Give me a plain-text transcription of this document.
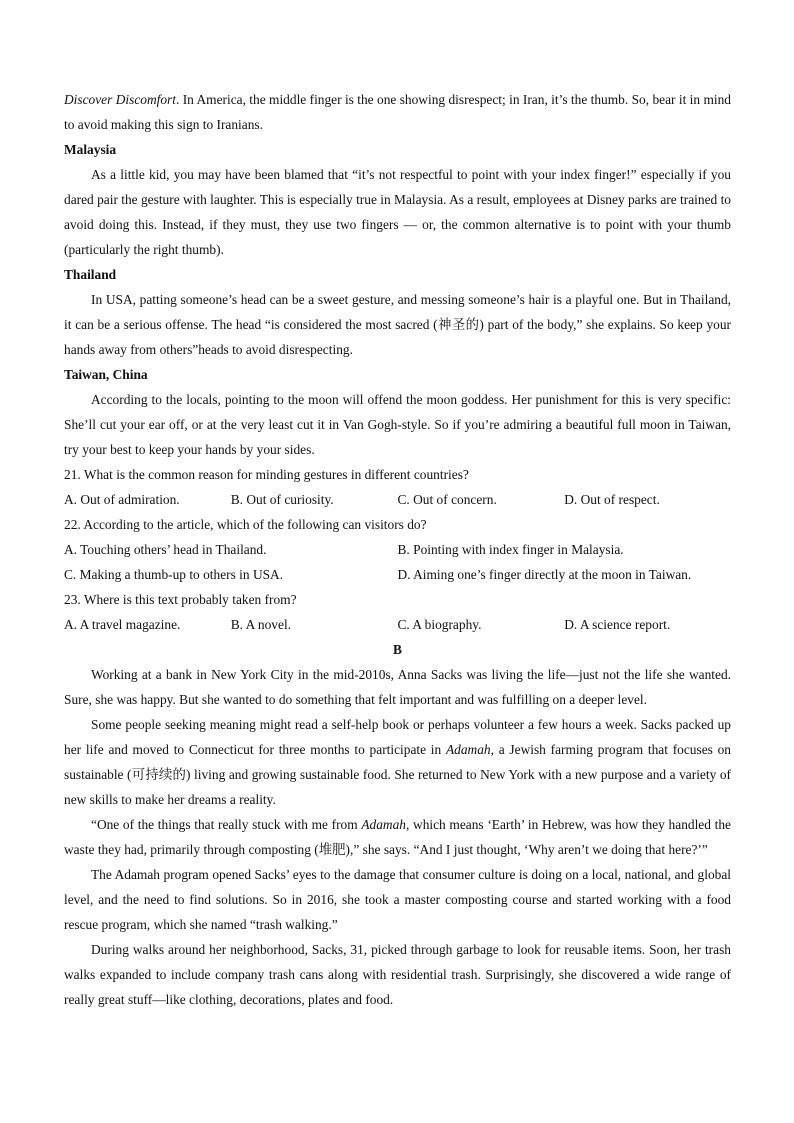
Discover Discomfort. In America, the middle finger is the one showing disrespect; in Iran, it’s the thumb. So, bear it in mind to avoid making this sign to Iranians.

Malaysia

As a little kid, you may have been blamed that “it’s not respectful to point with your index finger!” especially if you dared pair the gesture with laughter. This is especially true in Malaysia. As a result, employees at Disney parks are trained to avoid doing this. Instead, if they must, they use two fingers — or, the common alternative is to point with your thumb (particularly the right thumb).

Thailand

In USA, patting someone’s head can be a sweet gesture, and messing someone’s hair is a playful one. But in Thailand, it can be a serious offense. The head “is considered the most sacred (神圣的) part of the body,” she explains. So keep your hands away from others”heads to avoid disrespecting.

Taiwan, China

According to the locals, pointing to the moon will offend the moon goddess. Her punishment for this is very specific: She’ll cut your ear off, or at the very least cut it in Van Gogh-style. So if you’re admiring a beautiful full moon in Taiwan, try your best to keep your hands by your sides.

21. What is the common reason for minding gestures in different countries?

A. Out of admiration.	B. Out of curiosity.	C. Out of concern.	D. Out of respect.

22. According to the article, which of the following can visitors do?

A. Touching others’ head in Thailand.	B. Pointing with index finger in Malaysia.
C. Making a thumb-up to others in USA.	D. Aiming one’s finger directly at the moon in Taiwan.

23. Where is this text probably taken from?

A. A travel magazine.	B. A novel.	C. A biography.	D. A science report.

B

Working at a bank in New York City in the mid-2010s, Anna Sacks was living the life—just not the life she wanted. Sure, she was happy. But she wanted to do something that felt important and was fulfilling on a deeper level.

Some people seeking meaning might read a self-help book or perhaps volunteer a few hours a week. Sacks packed up her life and moved to Connecticut for three months to participate in Adamah, a Jewish farming program that focuses on sustainable (可持续的) living and growing sustainable food. She returned to New York with a new purpose and a variety of new skills to make her dreams a reality.

“One of the things that really stuck with me from Adamah, which means ‘Earth’ in Hebrew, was how they handled the waste they had, primarily through composting (堆肥),” she says. “And I just thought, ‘Why aren’t we doing that here?’”

The Adamah program opened Sacks’ eyes to the damage that consumer culture is doing on a local, national, and global level, and the need to find solutions. So in 2016, she took a master composting course and started working with a food rescue program, which she named “trash walking.”

During walks around her neighborhood, Sacks, 31, picked through garbage to look for reusable items. Soon, her trash walks expanded to include company trash cans along with residential trash. Surprisingly, she discovered a wide range of really great stuff—like clothing, decorations, plates and food.
